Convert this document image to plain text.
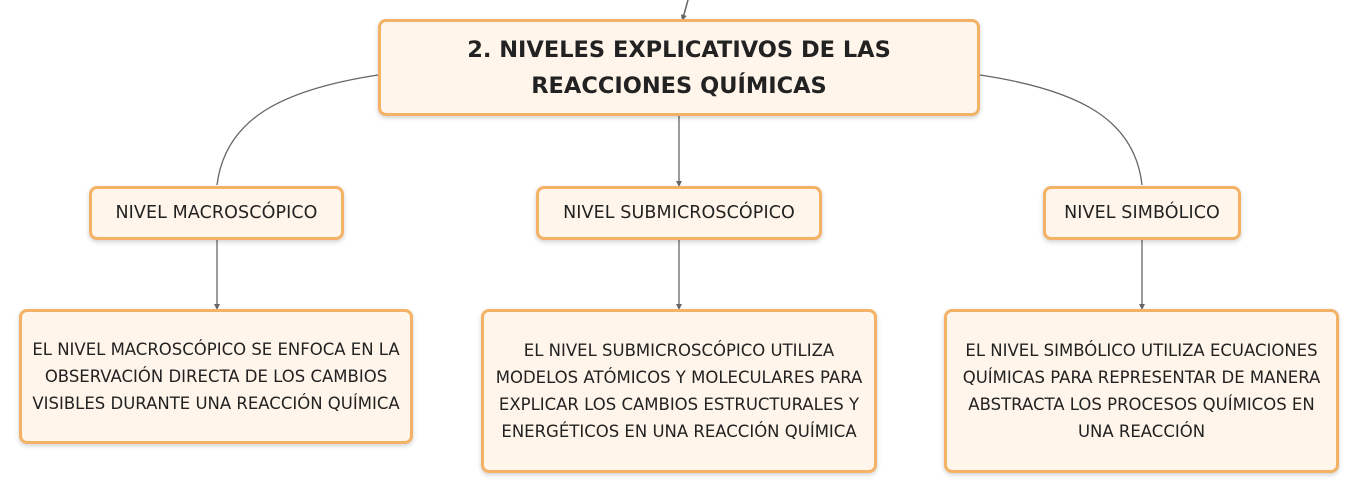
2. NIVELES EXPLICATIVOS DE LAS REACCIONES QUÍMICAS
NIVEL MACROSCÓPICO	NIVEL SUBMICROSCÓPICO	NIVEL SIMBÓLICO
EL NIVEL MACROSCÓPICO SE ENFOCA EN LA OBSERVACIÓN DIRECTA DE LOS CAMBIOS VISIBLES DURANTE UNA REACCIÓN QUÍMICA
EL NIVEL SUBMICROSCÓPICO UTILIZA MODELOS ATÓMICOS Y MOLECULARES PARA EXPLICAR LOS CAMBIOS ESTRUCTURALES Y ENERGÉTICOS EN UNA REACCIÓN QUÍMICA
EL NIVEL SIMBÓLICO UTILIZA ECUACIONES QUÍMICAS PARA REPRESENTAR DE MANERA ABSTRACTA LOS PROCESOS QUÍMICOS EN UNA REACCIÓN
